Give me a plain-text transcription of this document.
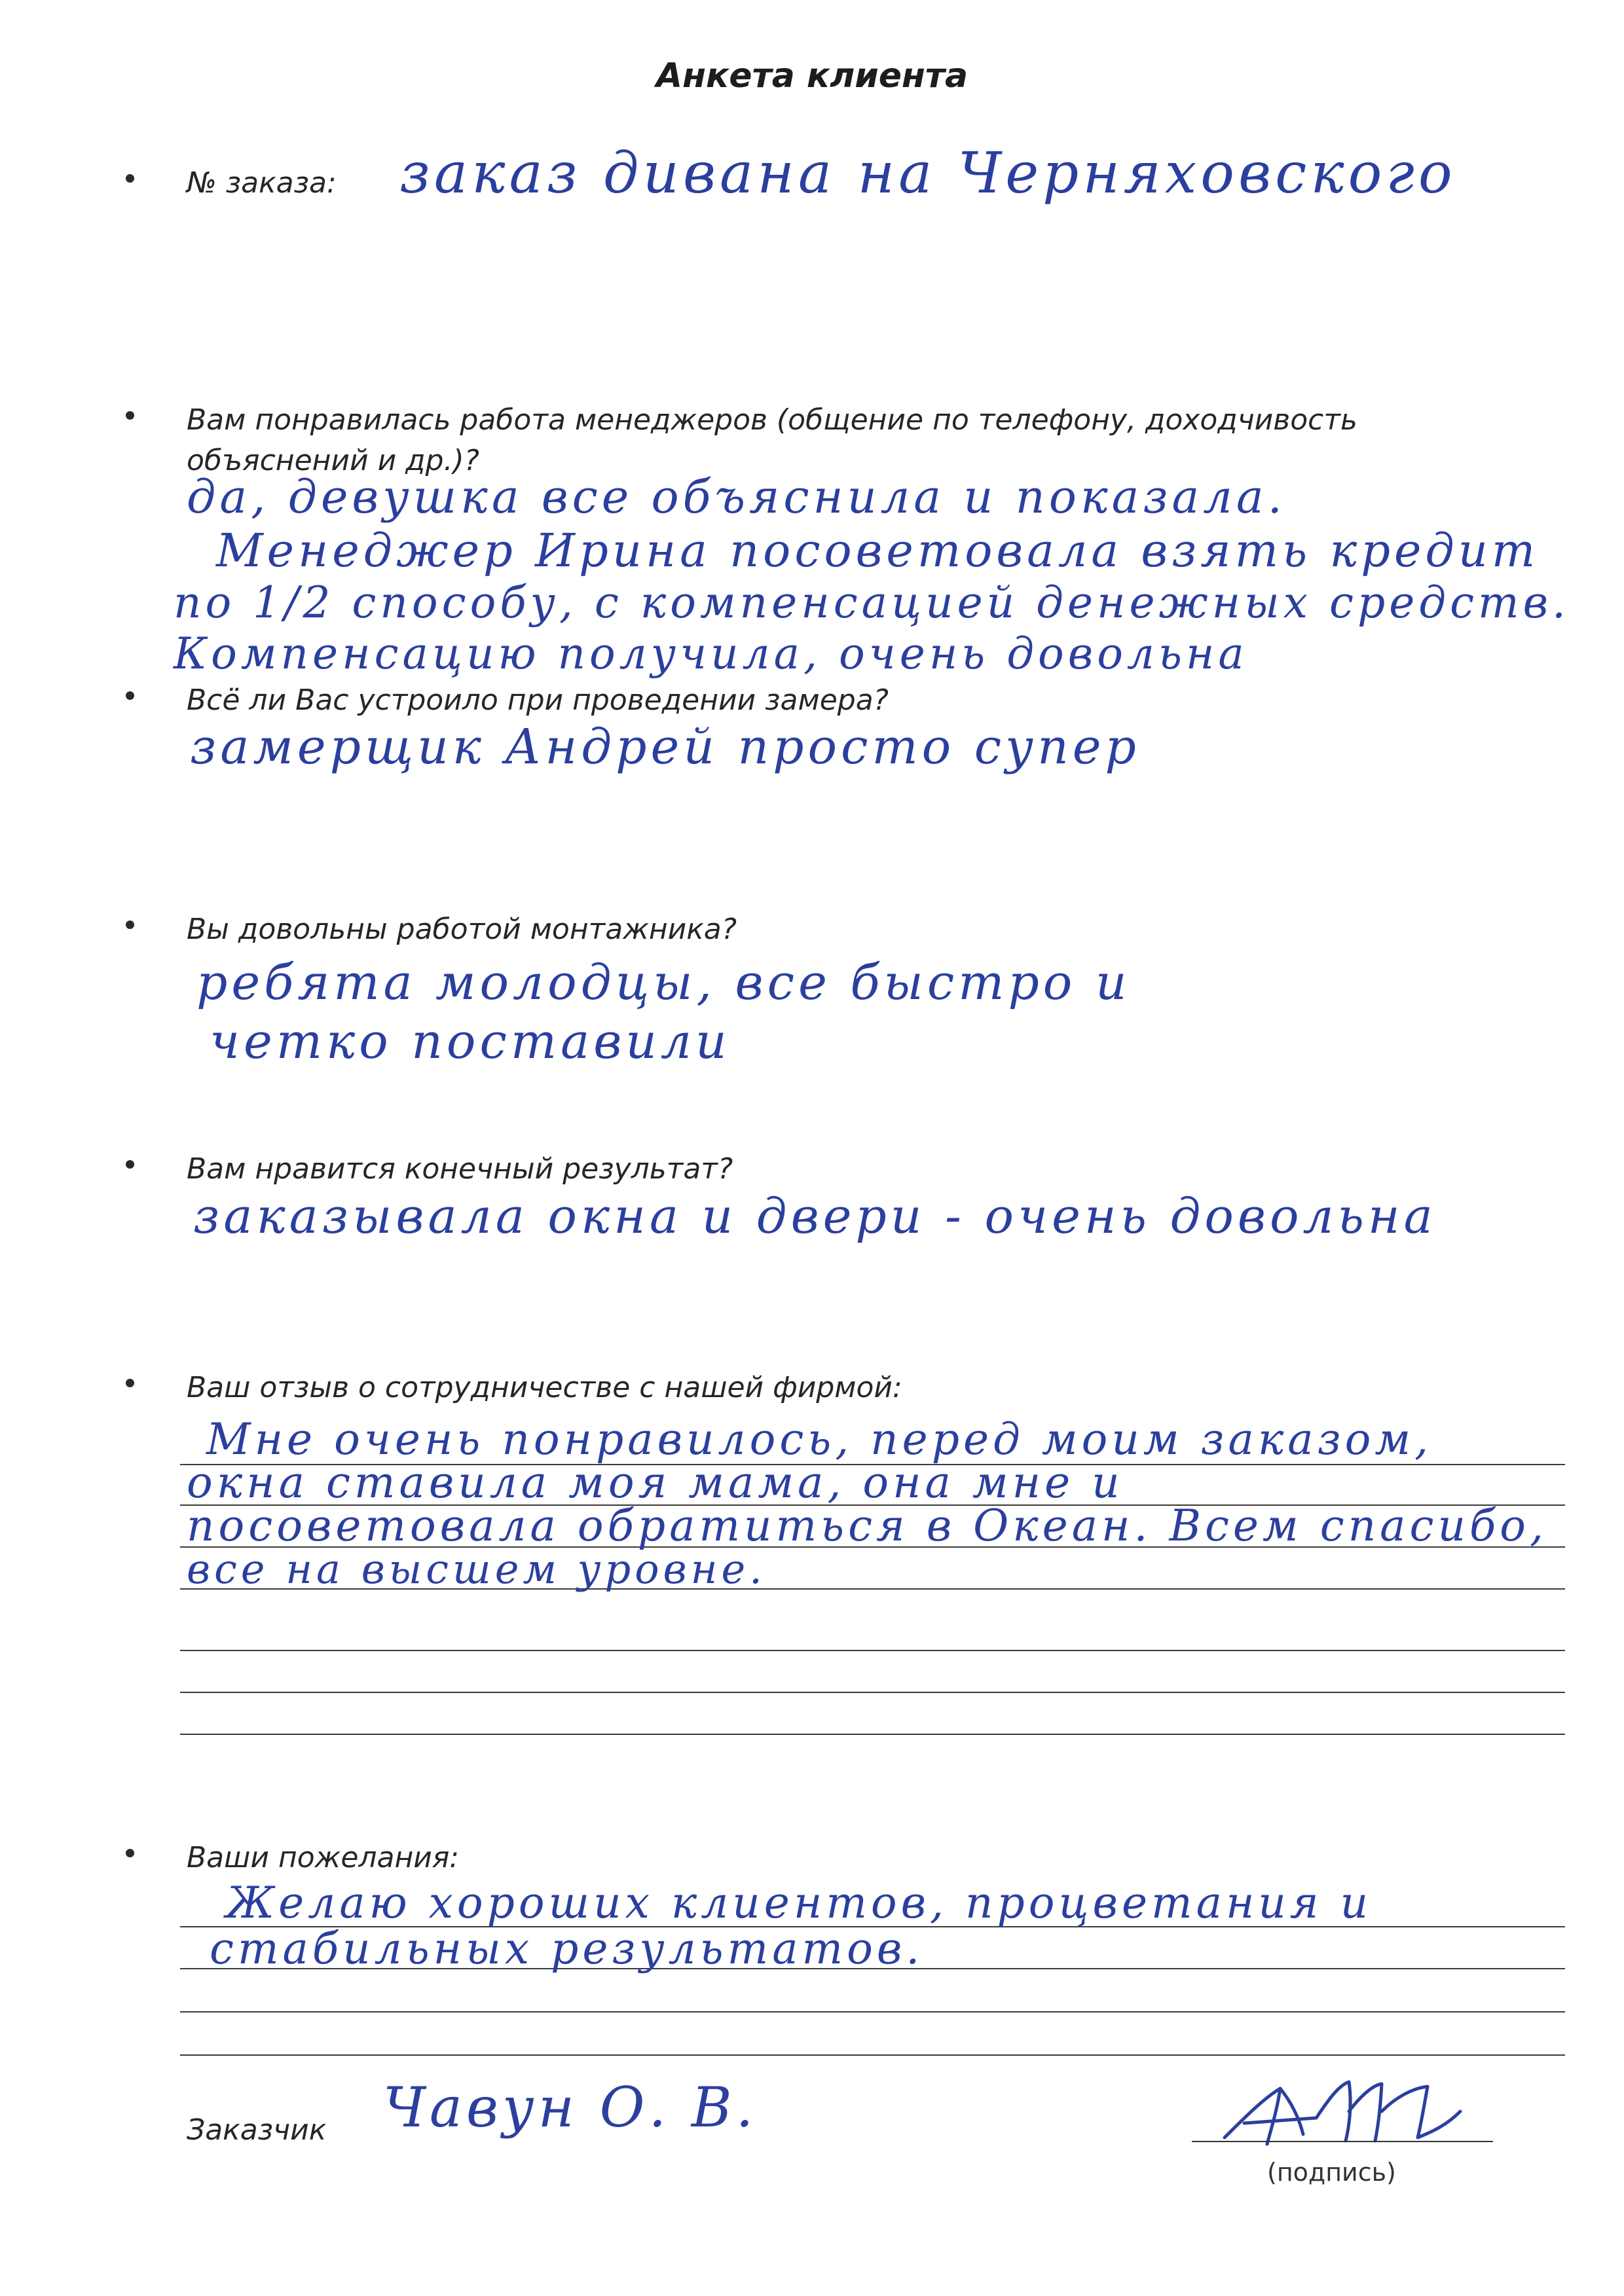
Анкета клиента
№ заказа: заказ дивана на Черняховского
Вам понравилась работа менеджеров (общение по телефону, доходчивость
объяснений и др.)?
да, девушка все объяснила и показала.
Менеджер Ирина посоветовала взять кредит
по 1/2 способу, с компенсацией денежных средств.
Компенсацию получила, очень довольна
Всё ли Вас устроило при проведении замера?
замерщик Андрей просто супер
Вы довольны работой монтажника?
ребята молодцы, все быстро и
четко поставили
Вам нравится конечный результат?
заказывала окна и двери - очень довольна
Ваш отзыв о сотрудничестве с нашей фирмой:
Мне очень понравилось, перед моим заказом,
окна ставила моя мама, она мне и
посоветовала обратиться в Океан. Всем спасибо,
все на высшем уровне.
Ваши пожелания:
Желаю хороших клиентов, процветания и
стабильных результатов.
Заказчик Чавун О. В.
(подпись)
